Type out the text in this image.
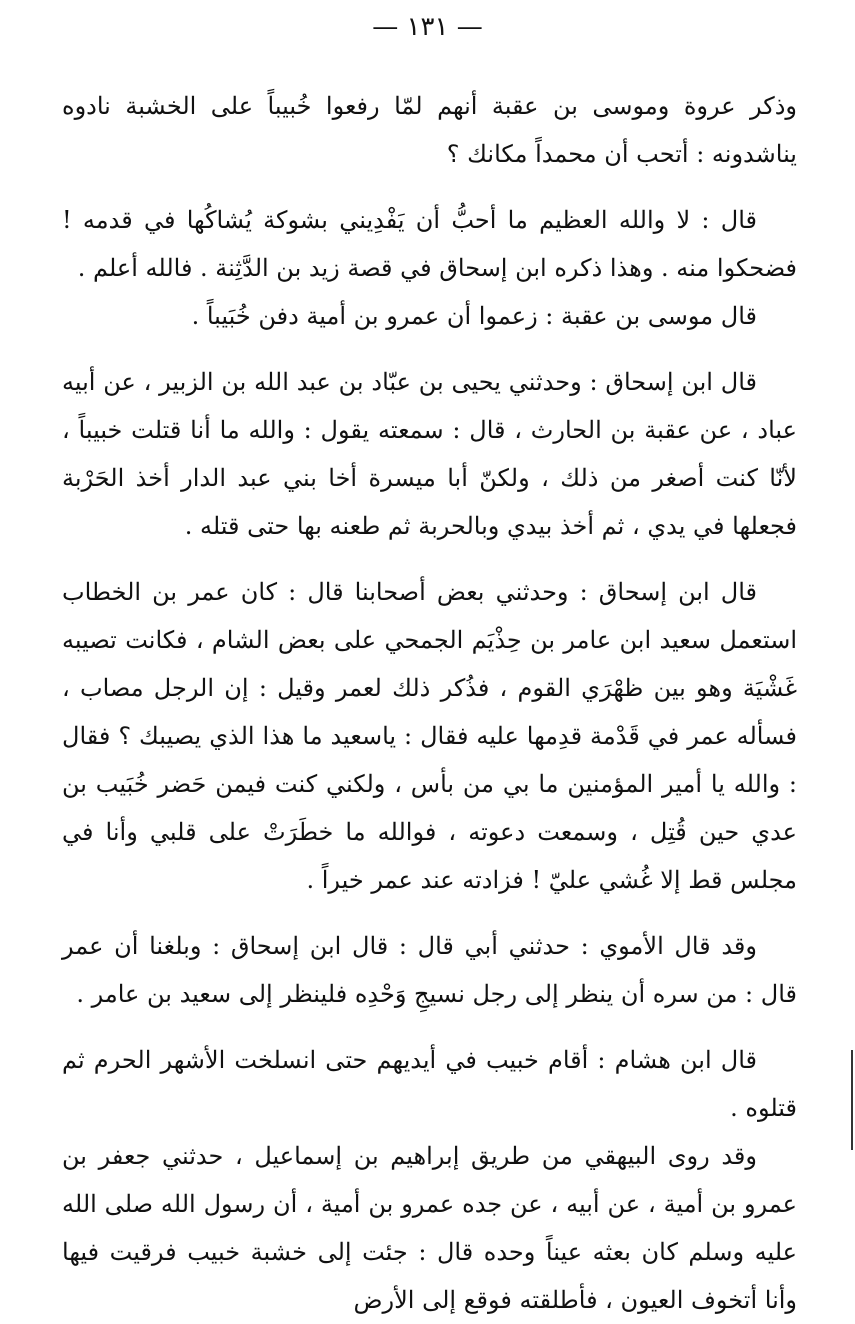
— ١٣١ —

وذكر عروة وموسى بن عقبة أنهم لمّا رفعوا خُبيباً على الخشبة نادوه يناشدونه : أتحب أن محمداً مكانك ؟

قال : لا والله العظيم ما أحبُّ أن يَفْدِيني بشوكة يُشاكُها في قدمه ! فضحكوا منه . وهذا ذكره ابن إسحاق في قصة زيد بن الدَّثِنة . فالله أعلم .

قال موسى بن عقبة : زعموا أن عمرو بن أمية دفن خُبَيباً .

قال ابن إسحاق : وحدثني يحيى بن عبّاد بن عبد الله بن الزبير ، عن أبيه عباد ، عن عقبة بن الحارث ، قال : سمعته يقول : والله ما أنا قتلت خبيباً ، لأنّا كنت أصغر من ذلك ، ولكنّ أبا ميسرة أخا بني عبد الدار أخذ الحَرْبة فجعلها في يدي ، ثم أخذ بيدي وبالحربة ثم طعنه بها حتى قتله .

قال ابن إسحاق : وحدثني بعض أصحابنا قال : كان عمر بن الخطاب استعمل سعيد ابن عامر بن حِذْيَم الجمحي على بعض الشام ، فكانت تصيبه غَشْيَة وهو بين ظهْرَي القوم ، فذُكر ذلك لعمر وقيل : إن الرجل مصاب ، فسأله عمر في قَدْمة قدِمها عليه فقال : ياسعيد ما هذا الذي يصيبك ؟ فقال : والله يا أمير المؤمنين ما بي من بأس ، ولكني كنت فيمن حَضر خُبَيب بن عدي حين قُتِل ، وسمعت دعوته ، فوالله ما خطَرَتْ على قلبي وأنا في مجلس قط إلا غُشي عليّ ! فزادته عند عمر خيراً .

وقد قال الأموي : حدثني أبي قال : قال ابن إسحاق : وبلغنا أن عمر قال : من سره أن ينظر إلى رجل نسيجِ وَحْدِه فلينظر إلى سعيد بن عامر .

قال ابن هشام : أقام خبيب في أيديهم حتى انسلخت الأشهر الحرم ثم قتلوه .

وقد روى البيهقي من طريق إبراهيم بن إسماعيل ، حدثني جعفر بن عمرو بن أمية ، عن أبيه ، عن جده عمرو بن أمية ، أن رسول الله صلى الله عليه وسلم كان بعثه عيناً وحده قال : جئت إلى خشبة خبيب فرقيت فيها وأنا أتخوف العيون ، فأطلقته فوقع إلى الأرض
